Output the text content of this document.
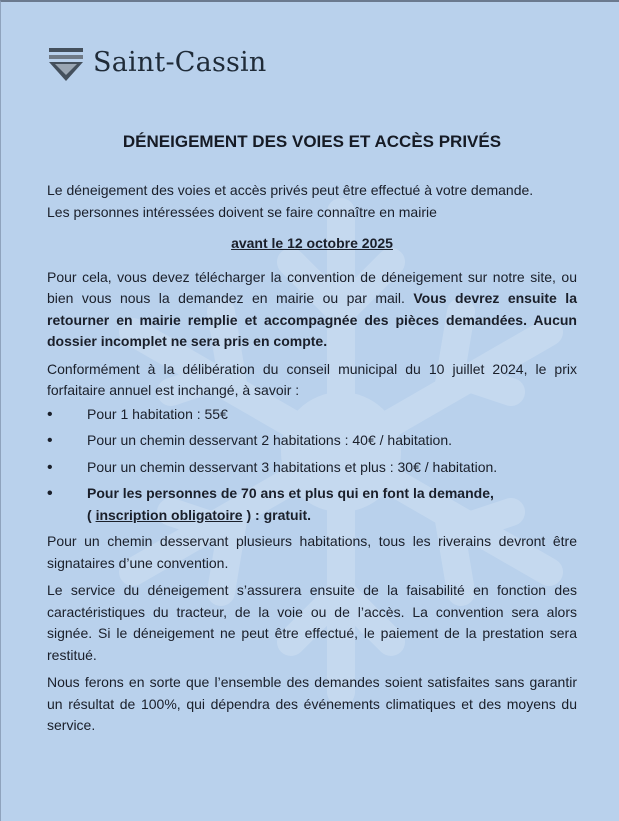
Saint-Cassin
DÉNEIGEMENT DES VOIES ET ACCÈS PRIVÉS

Le déneigement des voies et accès privés peut être effectué à votre demande.

Les personnes intéressées doivent se faire connaître en mairie

avant le 12 octobre 2025

Pour cela, vous devez télécharger la convention de déneigement sur notre site, ou bien vous nous la demandez en mairie ou par mail. Vous devrez ensuite la retourner en mairie remplie et accompagnée des pièces demandées. Aucun dossier incomplet ne sera pris en compte.

Conformément à la délibération du conseil municipal du 10 juillet 2024, le prix forfaitaire annuel est inchangé, à savoir :

• Pour 1 habitation : 55€
• Pour un chemin desservant 2 habitations : 40€ / habitation.
• Pour un chemin desservant 3 habitations et plus : 30€ / habitation.
• Pour les personnes de 70 ans et plus qui en font la demande,
( inscription obligatoire ) : gratuit.

Pour un chemin desservant plusieurs habitations, tous les riverains devront être signataires d’une convention.

Le service du déneigement s’assurera ensuite de la faisabilité en fonction des caractéristiques du tracteur, de la voie ou de l’accès. La convention sera alors signée. Si le déneigement ne peut être effectué, le paiement de la prestation sera restitué.

Nous ferons en sorte que l’ensemble des demandes soient satisfaites sans garantir un résultat de 100%, qui dépendra des événements climatiques et des moyens du service.
